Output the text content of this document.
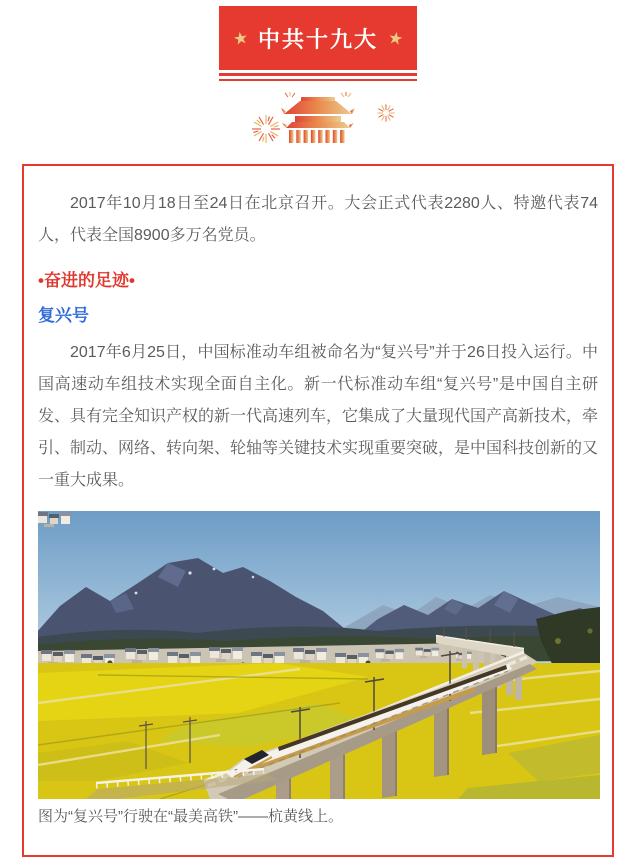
★ 中共十九大 ★

2017年10月18日至24日在北京召开。大会正式代表2280人、特邀代表74人，代表全国8900多万名党员。

•奋进的足迹•
复兴号

2017年6月25日，中国标准动车组被命名为“复兴号”并于26日投入运行。中国高速动车组技术实现全面自主化。新一代标准动车组“复兴号”是中国自主研发、具有完全知识产权的新一代高速列车，它集成了大量现代国产高新技术，牵引、制动、网络、转向架、轮轴等关键技术实现重要突破，是中国科技创新的又一重大成果。

图为“复兴号”行驶在“最美高铁”——杭黄线上。
